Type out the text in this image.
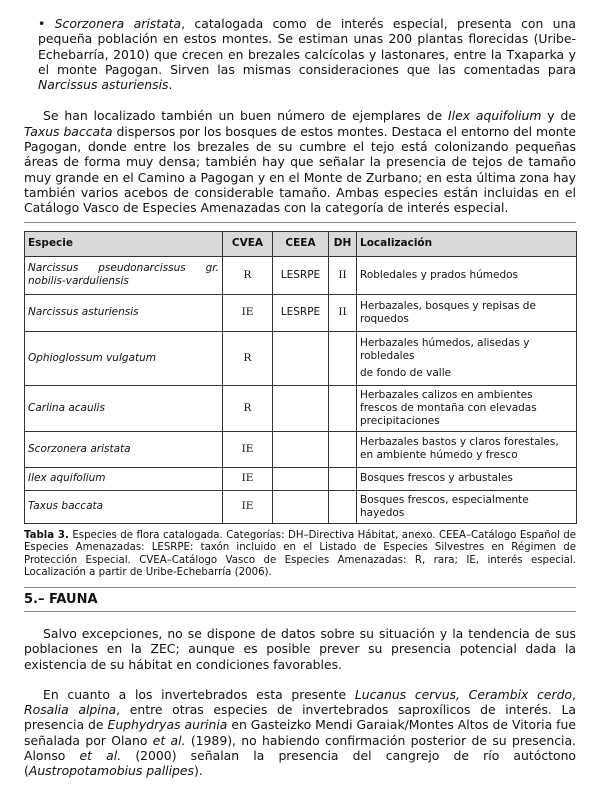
• Scorzonera aristata, catalogada como de interés especial, presenta con una pequeña población en estos montes. Se estiman unas 200 plantas florecidas (Uribe-Echebarría, 2010) que crecen en brezales calcícolas y lastonares, entre la Txaparka y el monte Pagogan. Sirven las mismas consideraciones que las comentadas para Narcissus asturiensis.

Se han localizado también un buen número de ejemplares de Ilex aquifolium y de Taxus baccata dispersos por los bosques de estos montes. Destaca el entorno del monte Pagogan, donde entre los brezales de su cumbre el tejo está colonizando pequeñas áreas de forma muy densa; también hay que señalar la presencia de tejos de tamaño muy grande en el Camino a Pagogan y en el Monte de Zurbano; en esta última zona hay también varios acebos de considerable tamaño. Ambas especies están incluidas en el Catálogo Vasco de Especies Amenazadas con la categoría de interés especial.

Especie	CVEA	CEEA	DH	Localización
Narcissus pseudonarcissus gr. nobilis-varduliensis	R	LESRPE	II	Robledales y prados húmedos
Narcissus asturiensis	IE	LESRPE	II	Herbazales, bosques y repisas de roquedos
Ophioglossum vulgatum	R			Herbazales húmedos, alisedas y robledales
de fondo de valle

Carlina acaulis	R			Herbazales calizos en ambientes frescos de montaña con elevadas precipitaciones
Scorzonera aristata	IE			Herbazales bastos y claros forestales, en ambiente húmedo y fresco
Ilex aquifolium	IE			Bosques frescos y arbustales
Taxus baccata	IE			Bosques frescos, especialmente hayedos

Tabla 3. Especies de flora catalogada. Categorías: DH–Directiva Hábitat, anexo. CEEA–Catálogo Español de Especies Amenazadas: LESRPE: taxón incluido en el Listado de Especies Silvestres en Régimen de Protección Especial. CVEA–Catálogo Vasco de Especies Amenazadas: R, rara; IE, interés especial. Localización a partir de Uribe-Echebarría (2006).

5.– FAUNA

Salvo excepciones, no se dispone de datos sobre su situación y la tendencia de sus poblaciones en la ZEC; aunque es posible prever su presencia potencial dada la existencia de su hábitat en condiciones favorables.

En cuanto a los invertebrados esta presente Lucanus cervus, Cerambix cerdo, Rosalia alpina, entre otras especies de invertebrados saproxílicos de interés. La presencia de Euphydryas aurinia en Gasteizko Mendi Garaiak/Montes Altos de Vitoria fue señalada por Olano et al. (1989), no habiendo confirmación posterior de su presencia. Alonso et al. (2000) señalan la presencia del cangrejo de río autóctono (Austropotamobius pallipes).
